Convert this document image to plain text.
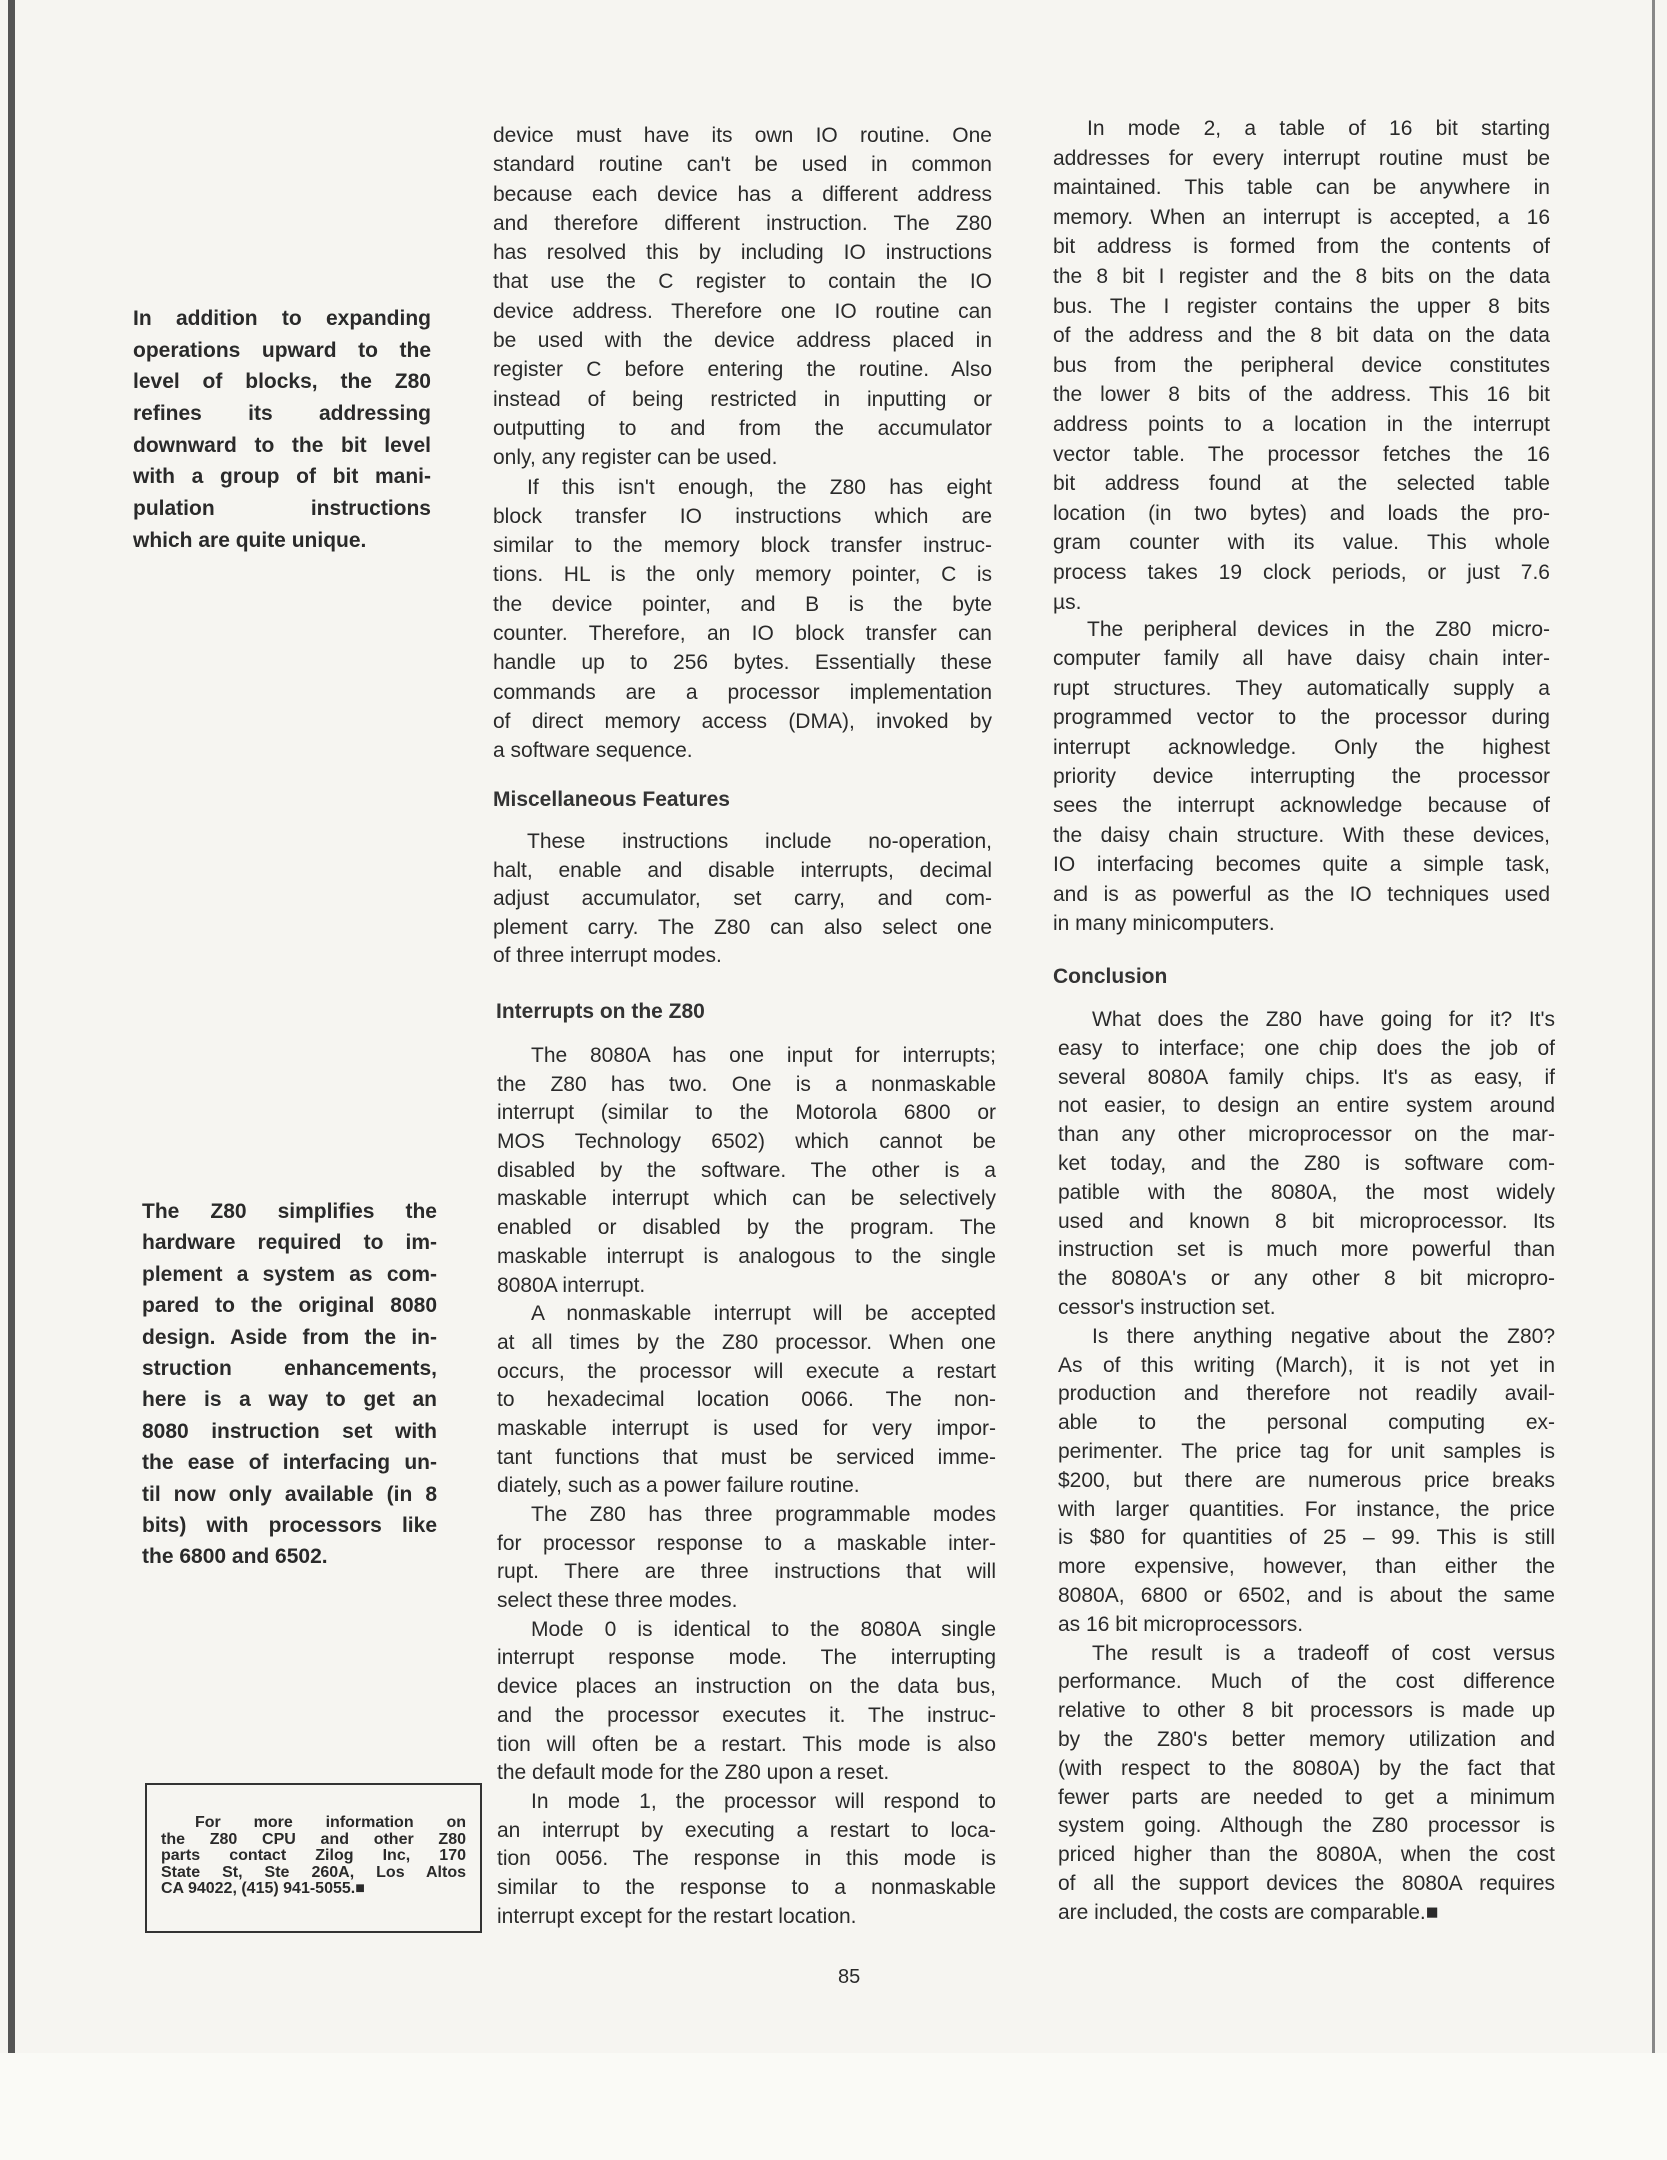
In addition to expanding
operations upward to the
level of blocks, the Z80
refines its addressing
downward to the bit level
with a group of bit mani-
pulation instructions
which are quite unique.
The Z80 simplifies the
hardware required to im-
plement a system as com-
pared to the original 8080
design. Aside from the in-
struction enhancements,
here is a way to get an
8080 instruction set with
the ease of interfacing un-
til now only available (in 8
bits) with processors like
the 6800 and 6502.
For more information on
the Z80 CPU and other Z80
parts contact Zilog Inc, 170
State St, Ste 260A, Los Altos
CA 94022, (415) 941-5055.■
device must have its own IO routine. One
standard routine can't be used in common
because each device has a different address
and therefore different instruction. The Z80
has resolved this by including IO instructions
that use the C register to contain the IO
device address. Therefore one IO routine can
be used with the device address placed in
register C before entering the routine. Also
instead of being restricted in inputting or
outputting to and from the accumulator
only, any register can be used.
If this isn't enough, the Z80 has eight
block transfer IO instructions which are
similar to the memory block transfer instruc-
tions. HL is the only memory pointer, C is
the device pointer, and B is the byte
counter. Therefore, an IO block transfer can
handle up to 256 bytes. Essentially these
commands are a processor implementation
of direct memory access (DMA), invoked by
a software sequence.
Miscellaneous Features
These instructions include no-operation,
halt, enable and disable interrupts, decimal
adjust accumulator, set carry, and com-
plement carry. The Z80 can also select one
of three interrupt modes.
Interrupts on the Z80
The 8080A has one input for interrupts;
the Z80 has two. One is a nonmaskable
interrupt (similar to the Motorola 6800 or
MOS Technology 6502) which cannot be
disabled by the software. The other is a
maskable interrupt which can be selectively
enabled or disabled by the program. The
maskable interrupt is analogous to the single
8080A interrupt.
A nonmaskable interrupt will be accepted
at all times by the Z80 processor. When one
occurs, the processor will execute a restart
to hexadecimal location 0066. The non-
maskable interrupt is used for very impor-
tant functions that must be serviced imme-
diately, such as a power failure routine.
The Z80 has three programmable modes
for processor response to a maskable inter-
rupt. There are three instructions that will
select these three modes.
Mode 0 is identical to the 8080A single
interrupt response mode. The interrupting
device places an instruction on the data bus,
and the processor executes it. The instruc-
tion will often be a restart. This mode is also
the default mode for the Z80 upon a reset.
In mode 1, the processor will respond to
an interrupt by executing a restart to loca-
tion 0056. The response in this mode is
similar to the response to a nonmaskable
interrupt except for the restart location.
In mode 2, a table of 16 bit starting
addresses for every interrupt routine must be
maintained. This table can be anywhere in
memory. When an interrupt is accepted, a 16
bit address is formed from the contents of
the 8 bit I register and the 8 bits on the data
bus. The I register contains the upper 8 bits
of the address and the 8 bit data on the data
bus from the peripheral device constitutes
the lower 8 bits of the address. This 16 bit
address points to a location in the interrupt
vector table. The processor fetches the 16
bit address found at the selected table
location (in two bytes) and loads the pro-
gram counter with its value. This whole
process takes 19 clock periods, or just 7.6
µs.
The peripheral devices in the Z80 micro-
computer family all have daisy chain inter-
rupt structures. They automatically supply a
programmed vector to the processor during
interrupt acknowledge. Only the highest
priority device interrupting the processor
sees the interrupt acknowledge because of
the daisy chain structure. With these devices,
IO interfacing becomes quite a simple task,
and is as powerful as the IO techniques used
in many minicomputers.
Conclusion
What does the Z80 have going for it? It's
easy to interface; one chip does the job of
several 8080A family chips. It's as easy, if
not easier, to design an entire system around
than any other microprocessor on the mar-
ket today, and the Z80 is software com-
patible with the 8080A, the most widely
used and known 8 bit microprocessor. Its
instruction set is much more powerful than
the 8080A's or any other 8 bit micropro-
cessor's instruction set.
Is there anything negative about the Z80?
As of this writing (March), it is not yet in
production and therefore not readily avail-
able to the personal computing ex-
perimenter. The price tag for unit samples is
$200, but there are numerous price breaks
with larger quantities. For instance, the price
is $80 for quantities of 25 – 99. This is still
more expensive, however, than either the
8080A, 6800 or 6502, and is about the same
as 16 bit microprocessors.
The result is a tradeoff of cost versus
performance. Much of the cost difference
relative to other 8 bit processors is made up
by the Z80's better memory utilization and
(with respect to the 8080A) by the fact that
fewer parts are needed to get a minimum
system going. Although the Z80 processor is
priced higher than the 8080A, when the cost
of all the support devices the 8080A requires
are included, the costs are comparable.■
85
